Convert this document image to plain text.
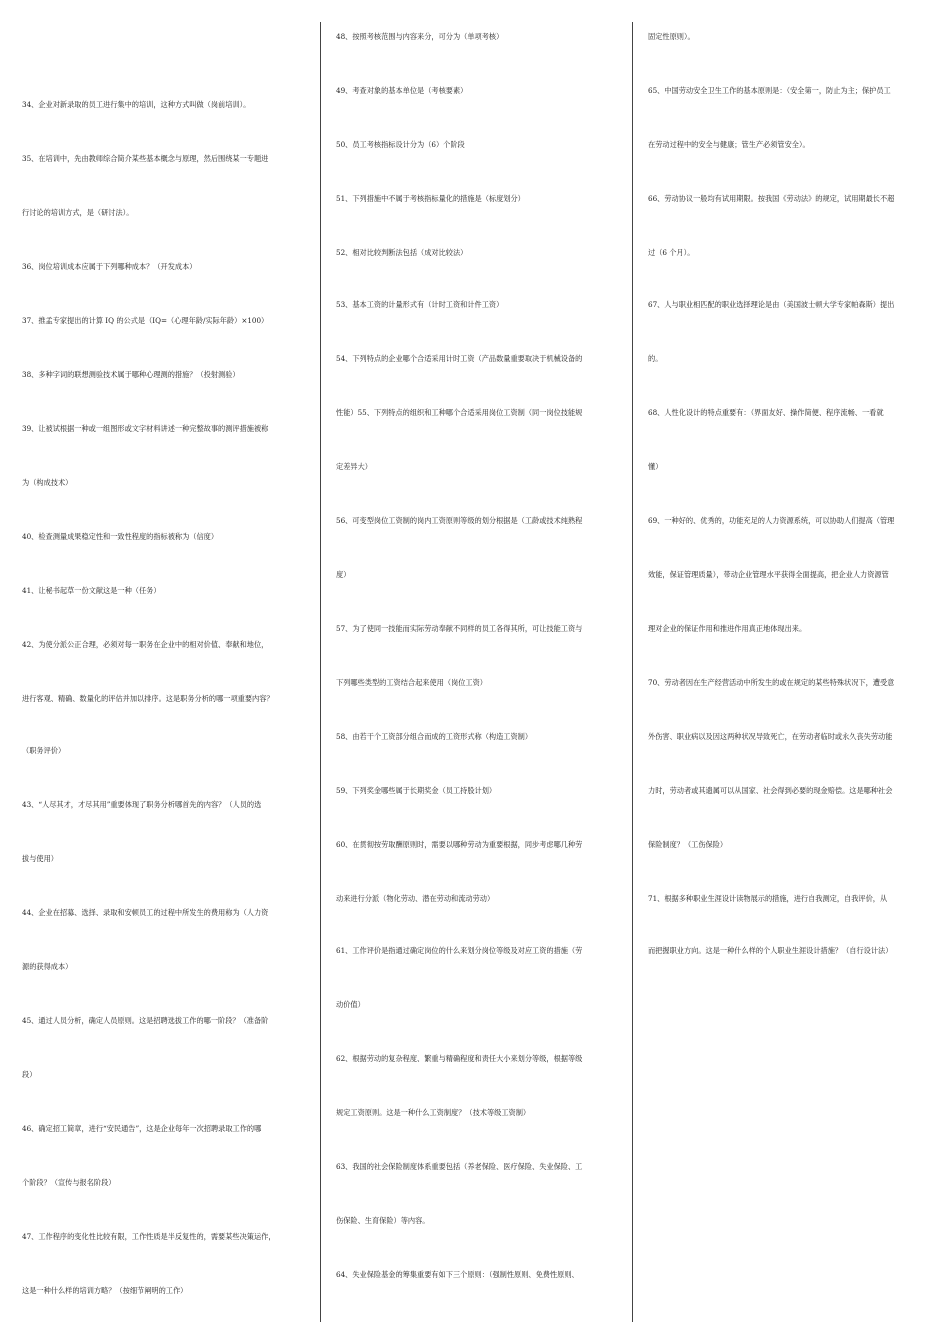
34、企业对新录取的员工进行集中的培训，这种方式叫做（岗前培训）。
35、在培训中，先由教师综合简介某些基本概念与原理，然后围绕某一专题进
行讨论的培训方式，是（研讨法）。
36、岗位培训成本应属于下列哪种成本？（开发成本）
37、推孟专家提出的计算 IQ 的公式是（IQ=（心理年龄/实际年龄）×100）
38、多种字词的联想测验技术属于哪种心理测的措施？（投射测验）
39、让被试根据一种或一组图形或文字材料讲述一种完整故事的测评措施被称
为（构成技术）
40、检查测量成果稳定性和一致性程度的指标被称为（信度）
41、让秘书起草一份文献这是一种（任务）
42、为使分派公正合理，必须对每一职务在企业中的相对价值、奉献和地位，
进行客观、精确、数量化的评估并加以排序。这是职务分析的哪一项重要内容？
（职务评价）
43、“人尽其才，才尽其用”重要体现了职务分析哪首先的内容？（人员的选
拔与使用）
44、企业在招募、选择、录取和安顿员工的过程中所发生的费用称为（人力资
源的获得成本）
45、通过人员分析，确定人员原则。这是招聘选拔工作的哪一阶段？（准备阶
段）
46、确定招工简章，进行“安民通告”，这是企业每年一次招聘录取工作的哪
个阶段？（宣传与报名阶段）
47、工作程序的变化性比较有限，工作性质是半反复性的，需要某些决策运作，
这是一种什么样的培训方略？（按细节阐明的工作）
48、按照考核范围与内容来分，可分为（单项考核）
49、考查对象的基本单位是（考核要素）
50、员工考核指标设计分为（6）个阶段
51、下列措施中不属于考核指标量化的措施是（标度划分）
52、相对比较判断法包括（成对比较法）
53、基本工资的计量形式有（计时工资和计件工资）
54、下列特点的企业哪个合适采用计时工资（产品数量重要取决于机械设备的
性能）55、下列特点的组织和工种哪个合适采用岗位工资制（同一岗位技能规
定差异大）
56、可变型岗位工资制的岗内工资原则等级的划分根据是（工龄或技术纯熟程
度）
57、为了使同一技能而实际劳动奉献不同样的员工各得其所，可让技能工资与
下列哪些类型的工资结合起来使用（岗位工资）
58、由若干个工资部分组合而成的工资形式称（构造工资制）
59、下列奖金哪些属于长期奖金（员工持股计划）
60、在贯彻按劳取酬原则时，需要以哪种劳动为重要根据，同步考虑哪几种劳
动来进行分派（物化劳动、潜在劳动和流动劳动）
61、工作评价是指通过确定岗位的什么来划分岗位等级及对应工资的措施（劳
动价值）
62、根据劳动的复杂程度、繁重与精确程度和责任大小来划分等级，根据等级
规定工资原则。这是一种什么工资制度？（技术等级工资制）
63、我国的社会保险制度体系重要包括（养老保险、医疗保险、失业保险、工
伤保险、生育保险）等内容。
64、失业保险基金的筹集重要有如下三个原则：（强制性原则、免费性原则、
固定性原则）。
65、中国劳动安全卫生工作的基本原则是：（安全第一，防止为主；保护员工
在劳动过程中的安全与健康；管生产必须管安全）。
66、劳动协议一般均有试用期限。按我国《劳动法》的规定，试用期最长不超
过（6 个月）。
67、人与职业相匹配的职业选择理论是由（美国波士顿大学专家帕森斯）提出
的。
68、人性化设计的特点重要有：（界面友好、操作简便、程序流畅、一看就
懂）
69、一种好的、优秀的，功能充足的人力资源系统，可以协助人们提高（管理
效能，保证管理质量），带动企业管理水平获得全面提高，把企业人力资源管
理对企业的保证作用和推进作用真正地体现出来。
70、劳动者因在生产经营活动中所发生的或在规定的某些特殊状况下，遭受意
外伤害、职业病以及因这两种状况导致死亡，在劳动者临时或永久丧失劳动能
力时，劳动者或其遗属可以从国家、社会得到必要的现金赔偿。这是哪种社会
保险制度？（工伤保险）
71、根据多种职业生涯设计读物展示的措施，进行自我测定，自我评价，从
而把握职业方向。这是一种什么样的个人职业生涯设计措施？（自行设计法）
